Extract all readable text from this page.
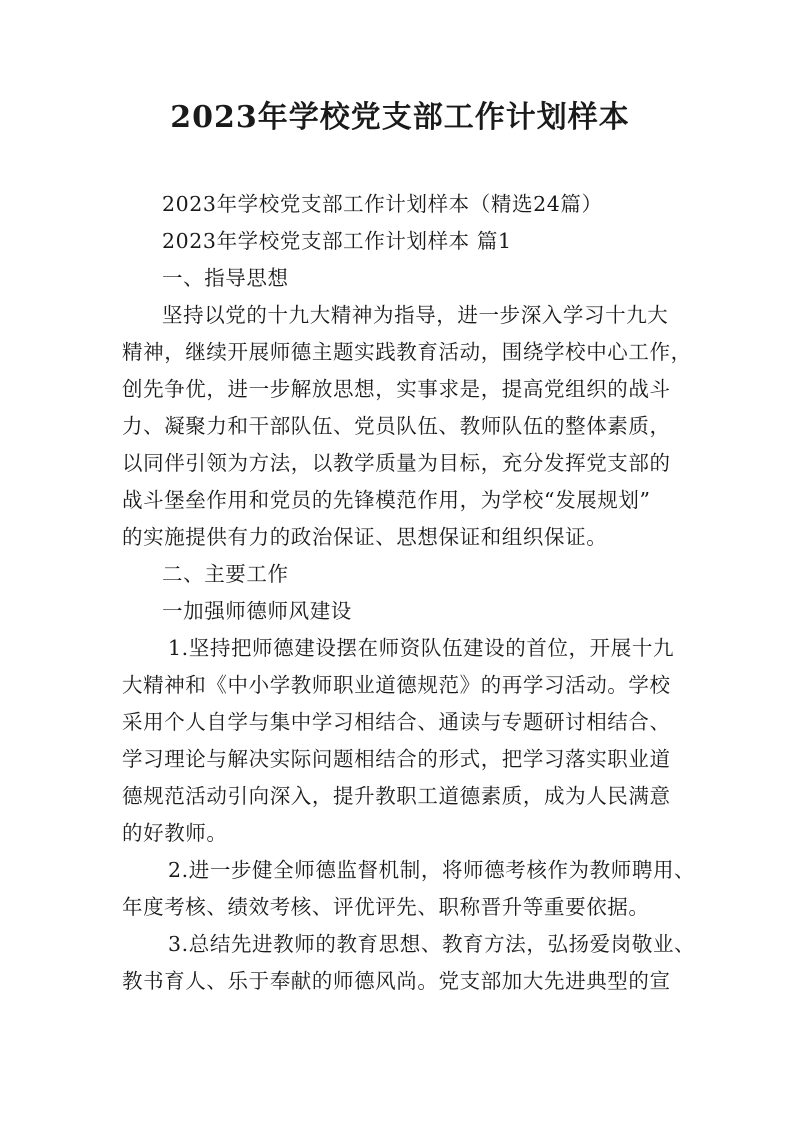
2023年学校党支部工作计划样本
2023年学校党支部工作计划样本（精选24篇）
2023年学校党支部工作计划样本 篇1
一、指导思想
坚持以党的十九大精神为指导，进一步深入学习十九大
精神，继续开展师德主题实践教育活动，围绕学校中心工作，
创先争优，进一步解放思想，实事求是，提高党组织的战斗
力、凝聚力和干部队伍、党员队伍、教师队伍的整体素质，
以同伴引领为方法，以教学质量为目标，充分发挥党支部的
战斗堡垒作用和党员的先锋模范作用，为学校“发展规划”
的实施提供有力的政治保证、思想保证和组织保证。
二、主要工作
一加强师德师风建设
1.坚持把师德建设摆在师资队伍建设的首位，开展十九
大精神和《中小学教师职业道德规范》的再学习活动。学校
采用个人自学与集中学习相结合、通读与专题研讨相结合、
学习理论与解决实际问题相结合的形式，把学习落实职业道
德规范活动引向深入，提升教职工道德素质，成为人民满意
的好教师。
2.进一步健全师德监督机制，将师德考核作为教师聘用、
年度考核、绩效考核、评优评先、职称晋升等重要依据。
3.总结先进教师的教育思想、教育方法，弘扬爱岗敬业、
教书育人、乐于奉献的师德风尚。党支部加大先进典型的宣
